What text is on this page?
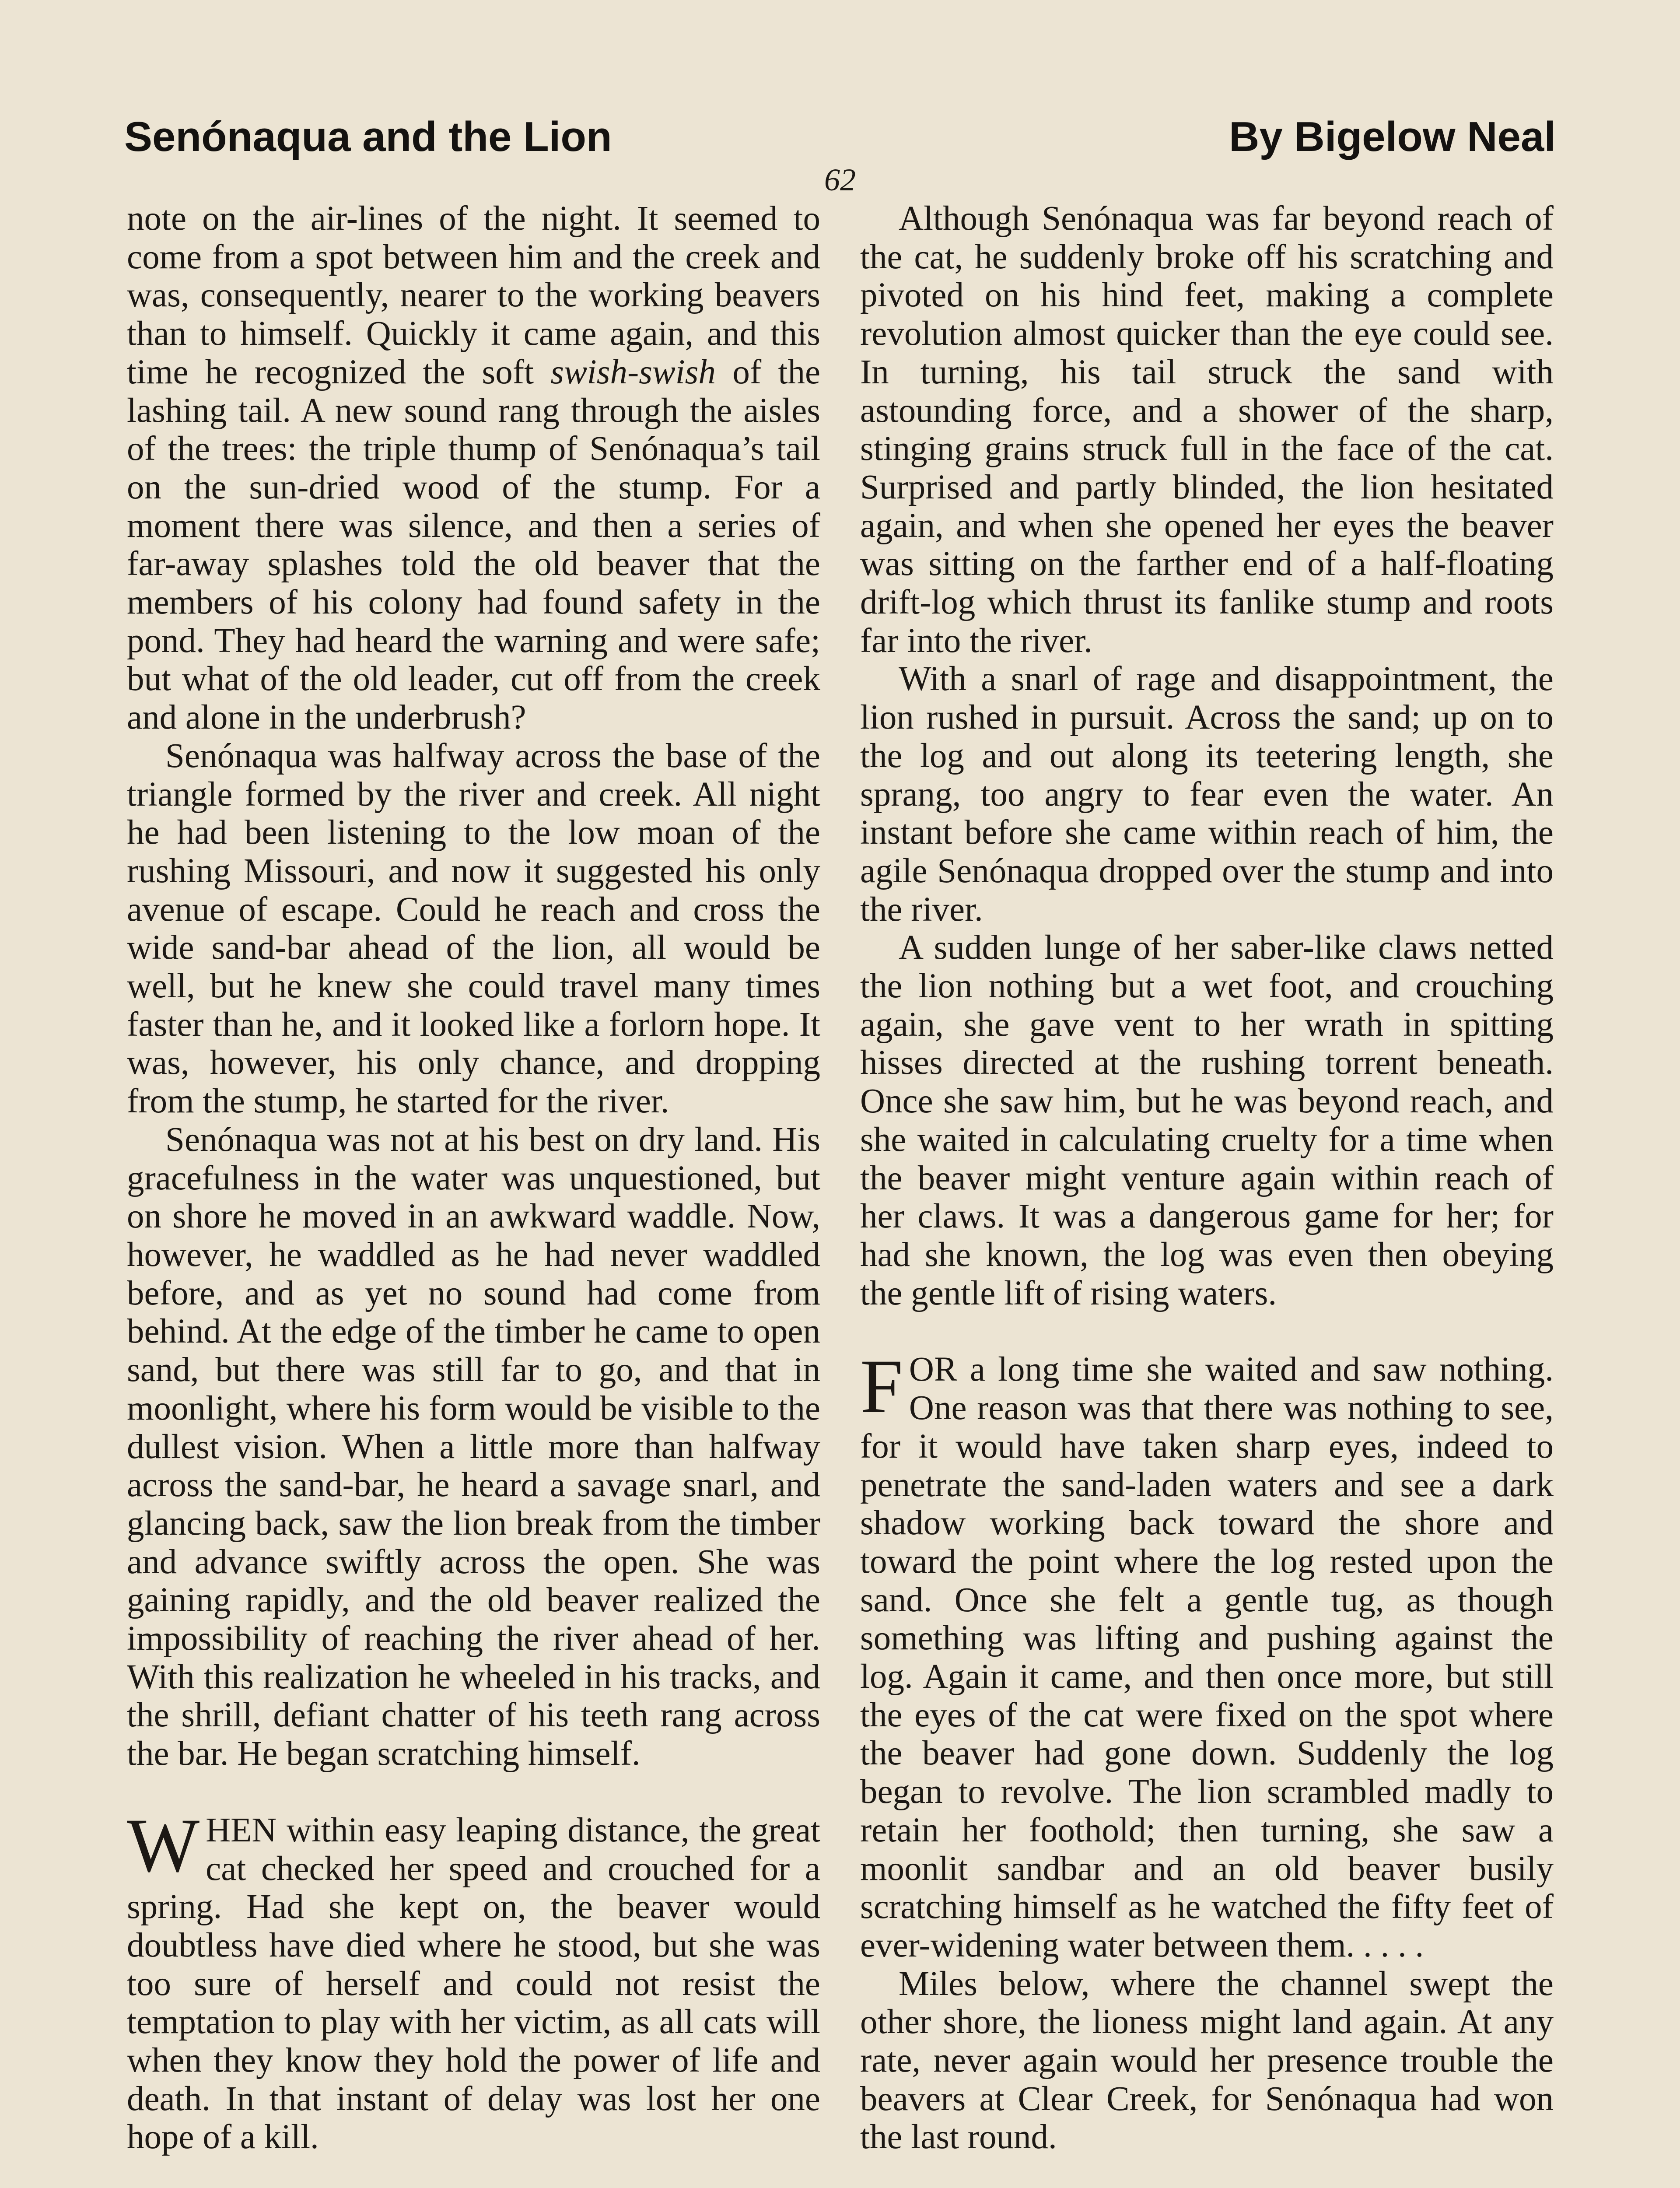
Senónaqua and the Lion	By Bigelow Neal
62

note on the air-lines of the night. It seemed to come from a spot between him and the creek and was, consequently, nearer to the working beavers than to himself. Quickly it came again, and this time he recognized the soft swish-swish of the lashing tail. A new sound rang through the aisles of the trees: the triple thump of Senónaqua’s tail on the sun-dried wood of the stump. For a moment there was silence, and then a series of far-away splashes told the old beaver that the members of his colony had found safety in the pond. They had heard the warning and were safe; but what of the old leader, cut off from the creek and alone in the underbrush?

Senónaqua was halfway across the base of the triangle formed by the river and creek. All night he had been listening to the low moan of the rushing Missouri, and now it suggested his only avenue of escape. Could he reach and cross the wide sand-bar ahead of the lion, all would be well, but he knew she could travel many times faster than he, and it looked like a forlorn hope. It was, however, his only chance, and dropping from the stump, he started for the river.

Senónaqua was not at his best on dry land. His gracefulness in the water was unquestioned, but on shore he moved in an awkward waddle. Now, however, he waddled as he had never waddled before, and as yet no sound had come from behind. At the edge of the timber he came to open sand, but there was still far to go, and that in moonlight, where his form would be visible to the dullest vision. When a little more than halfway across the sand-bar, he heard a savage snarl, and glancing back, saw the lion break from the timber and advance swiftly across the open. She was gaining rapidly, and the old beaver realized the impossibility of reaching the river ahead of her. With this realization he wheeled in his tracks, and the shrill, defiant chatter of his teeth rang across the bar. He began scratching himself.

WHEN within easy leaping distance, the great cat checked her speed and crouched for a spring. Had she kept on, the beaver would doubtless have died where he stood, but she was too sure of herself and could not resist the temptation to play with her victim, as all cats will when they know they hold the power of life and death. In that instant of delay was lost her one hope of a kill.

Although Senónaqua was far beyond reach of the cat, he suddenly broke off his scratching and pivoted on his hind feet, making a complete revolution almost quicker than the eye could see. In turning, his tail struck the sand with astounding force, and a shower of the sharp, stinging grains struck full in the face of the cat. Surprised and partly blinded, the lion hesitated again, and when she opened her eyes the beaver was sitting on the farther end of a half-floating drift-log which thrust its fanlike stump and roots far into the river.

With a snarl of rage and disappointment, the lion rushed in pursuit. Across the sand; up on to the log and out along its teetering length, she sprang, too angry to fear even the water. An instant before she came within reach of him, the agile Senónaqua dropped over the stump and into the river.

A sudden lunge of her saber-like claws netted the lion nothing but a wet foot, and crouching again, she gave vent to her wrath in spitting hisses directed at the rushing torrent beneath. Once she saw him, but he was beyond reach, and she waited in calculating cruelty for a time when the beaver might venture again within reach of her claws. It was a dangerous game for her; for had she known, the log was even then obeying the gentle lift of rising waters.

FOR a long time she waited and saw nothing. One reason was that there was nothing to see, for it would have taken sharp eyes, indeed to penetrate the sand-laden waters and see a dark shadow working back toward the shore and toward the point where the log rested upon the sand. Once she felt a gentle tug, as though something was lifting and pushing against the log. Again it came, and then once more, but still the eyes of the cat were fixed on the spot where the beaver had gone down. Suddenly the log began to revolve. The lion scrambled madly to retain her foothold; then turning, she saw a moonlit sandbar and an old beaver busily scratching himself as he watched the fifty feet of ever-widening water between them. . . . .

Miles below, where the channel swept the other shore, the lioness might land again. At any rate, never again would her presence trouble the beavers at Clear Creek, for Senónaqua had won the last round.
